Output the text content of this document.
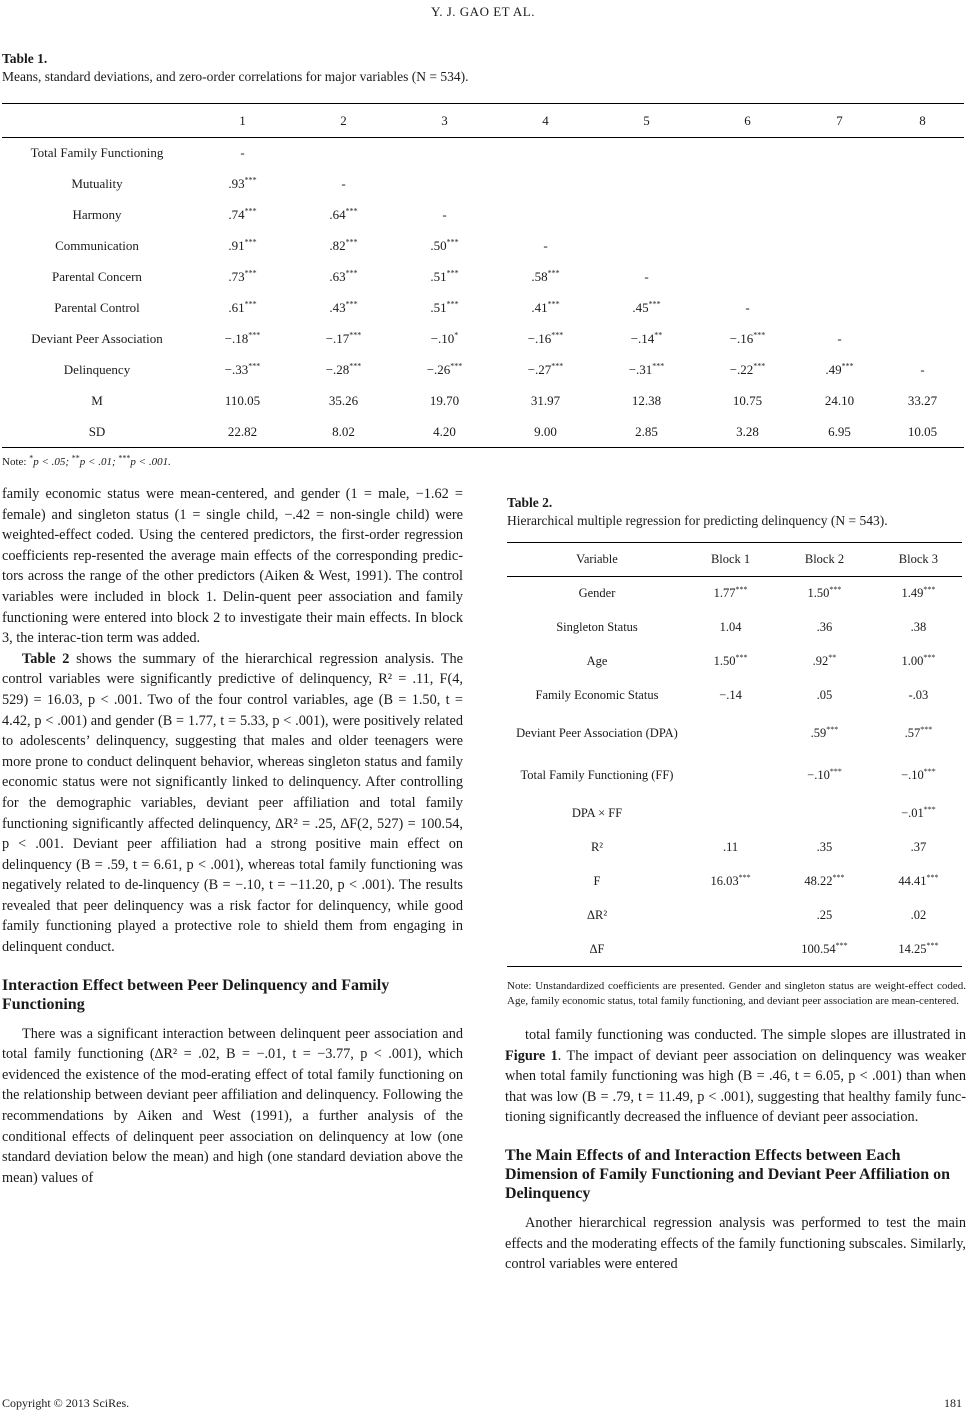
Y. J. GAO ET AL.
Table 1.
Means, standard deviations, and zero-order correlations for major variables (N = 534).
	1	2	3	4	5	6	7	8
Total Family Functioning	-							
Mutuality	.93***	-						
Harmony	.74***	.64***	-					
Communication	.91***	.82***	.50***	-				
Parental Concern	.73***	.63***	.51***	.58***	-			
Parental Control	.61***	.43***	.51***	.41***	.45***	-		
Deviant Peer Association	−.18***	−.17***	−.10*	−.16***	−.14**	−.16***	-	
Delinquency	−.33***	−.28***	−.26***	−.27***	−.31***	−.22***	.49***	-
M	110.05	35.26	19.70	31.97	12.38	10.75	24.10	33.27
SD	22.82	8.02	4.20	9.00	2.85	3.28	6.95	10.05
Note: *p < .05; **p < .01; ***p < .001.

family economic status were mean-centered, and gender (1 = male, −1.62 = female) and singleton status (1 = single child, −.42 = non-single child) were weighted-effect coded. Using the centered predictors, the first-order regression coefficients rep-resented the average main effects of the corresponding predic-tors across the range of the other predictors (Aiken & West, 1991). The control variables were included in block 1. Delin-quent peer association and family functioning were entered into block 2 to investigate their main effects. In block 3, the interac-tion term was added.

Table 2 shows the summary of the hierarchical regression analysis. The control variables were significantly predictive of delinquency, R² = .11, F(4, 529) = 16.03, p < .001. Two of the four control variables, age (B = 1.50, t = 4.42, p < .001) and gender (B = 1.77, t = 5.33, p < .001), were positively related to adolescents’ delinquency, suggesting that males and older teenagers were more prone to conduct delinquent behavior, whereas singleton status and family economic status were not significantly linked to delinquency. After controlling for the demographic variables, deviant peer affiliation and total family functioning significantly affected delinquency, ∆R² = .25, ∆F(2, 527) = 100.54, p < .001. Deviant peer affiliation had a strong positive main effect on delinquency (B = .59, t = 6.61, p < .001), whereas total family functioning was negatively related to de-linquency (B = −.10, t = −11.20, p < .001). The results revealed that peer delinquency was a risk factor for delinquency, while good family functioning played a protective role to shield them from engaging in delinquent conduct.

Interaction Effect between Peer Delinquency and Family Functioning

There was a significant interaction between delinquent peer association and total family functioning (∆R² = .02, B = −.01, t = −3.77, p < .001), which evidenced the existence of the mod-erating effect of total family functioning on the relationship between deviant peer affiliation and delinquency. Following the recommendations by Aiken and West (1991), a further analysis of the conditional effects of delinquent peer association on delinquency at low (one standard deviation below the mean) and high (one standard deviation above the mean) values of

Table 2.
Hierarchical multiple regression for predicting delinquency (N = 543).
Variable	Block 1	Block 2	Block 3
Gender	1.77***	1.50***	1.49***
Singleton Status	1.04	.36	.38
Age	1.50***	.92**	1.00***
Family Economic Status	−.14	.05	-.03
Deviant Peer Association (DPA)		.59***	.57***
Total Family Functioning (FF)		−.10***	−.10***
DPA × FF			−.01***
R²	.11	.35	.37
F	16.03***	48.22***	44.41***
ΔR²		.25	.02
ΔF		100.54***	14.25***
Note: Unstandardized coefficients are presented. Gender and singleton status are weight-effect coded. Age, family economic status, total family functioning, and deviant peer association are mean-centered.

total family functioning was conducted. The simple slopes are illustrated in Figure 1. The impact of deviant peer association on delinquency was weaker when total family functioning was high (B = .46, t = 6.05, p < .001) than when that was low (B = .79, t = 11.49, p < .001), suggesting that healthy family func-tioning significantly decreased the influence of deviant peer association.

The Main Effects of and Interaction Effects between Each Dimension of Family Functioning and Deviant Peer Affiliation on Delinquency

Another hierarchical regression analysis was performed to test the main effects and the moderating effects of the family functioning subscales. Similarly, control variables were entered

Copyright © 2013 SciRes.	181
